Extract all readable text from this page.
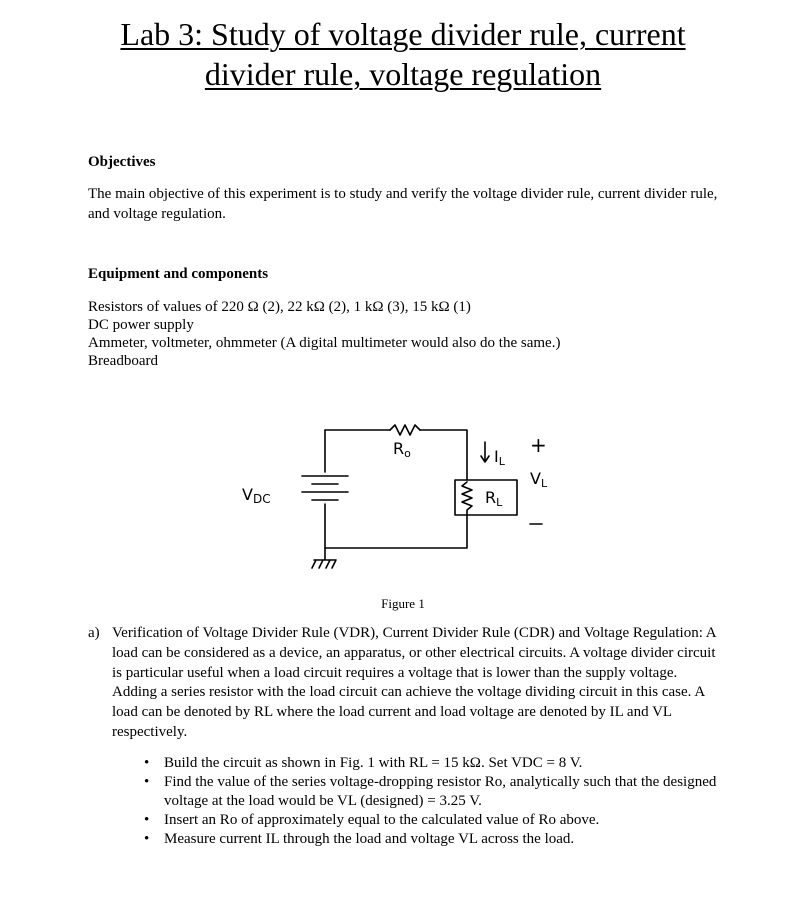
Lab 3: Study of voltage divider rule, current
divider rule, voltage regulation
Objectives
The main objective of this experiment is to study and verify the voltage divider rule, current divider rule, and voltage regulation.
Equipment and components
Resistors of values of 220 Ω (2), 22 kΩ (2), 1 kΩ (3), 15 kΩ (1)
DC power supply
Ammeter, voltmeter, ohmmeter (A digital multimeter would also do the same.)
Breadboard
VDC
Ro	IL
RL
VL
+
Figure 1
a) Verification of Voltage Divider Rule (VDR), Current Divider Rule (CDR) and Voltage Regulation: A load can be considered as a device, an apparatus, or other electrical circuits. A voltage divider circuit is particular useful when a load circuit requires a voltage that is lower than the supply voltage. Adding a series resistor with the load circuit can achieve the voltage dividing circuit in this case. A load can be denoted by RL where the load current and load voltage are denoted by IL and VL respectively.
• Build the circuit as shown in Fig. 1 with RL = 15 kΩ. Set VDC = 8 V.
• Find the value of the series voltage-dropping resistor Ro, analytically such that the designed voltage at the load would be VL (designed) = 3.25 V.
• Insert an Ro of approximately equal to the calculated value of Ro above.
• Measure current IL through the load and voltage VL across the load.
